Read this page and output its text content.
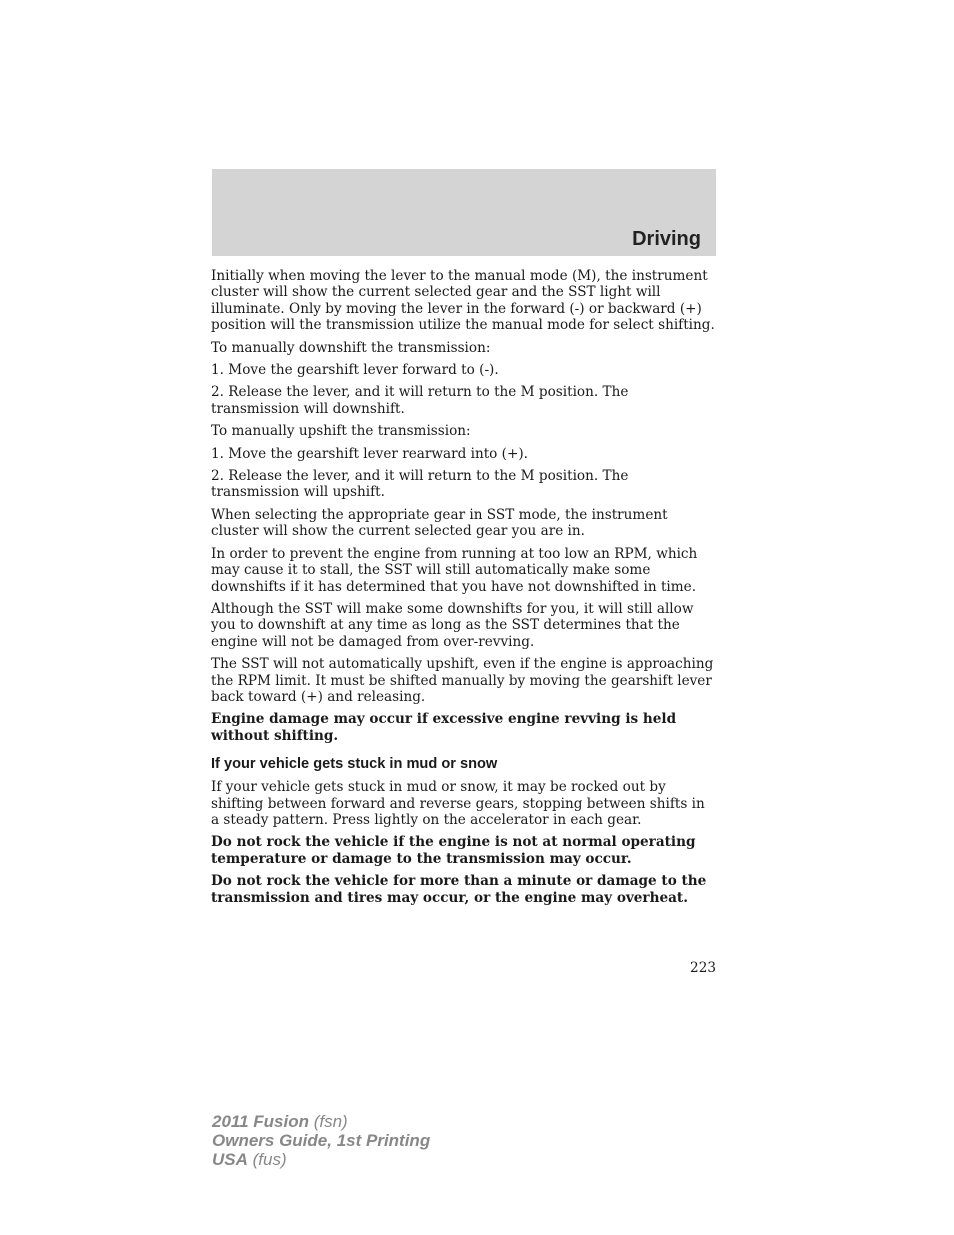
Driving

Initially when moving the lever to the manual mode (M), the instrument cluster will show the current selected gear and the SST light will illuminate. Only by moving the lever in the forward (-) or backward (+) position will the transmission utilize the manual mode for select shifting.

To manually downshift the transmission:

1. Move the gearshift lever forward to (-).

2. Release the lever, and it will return to the M position. The transmission will downshift.

To manually upshift the transmission:

1. Move the gearshift lever rearward into (+).

2. Release the lever, and it will return to the M position. The transmission will upshift.

When selecting the appropriate gear in SST mode, the instrument cluster will show the current selected gear you are in.

In order to prevent the engine from running at too low an RPM, which may cause it to stall, the SST will still automatically make some downshifts if it has determined that you have not downshifted in time.

Although the SST will make some downshifts for you, it will still allow you to downshift at any time as long as the SST determines that the engine will not be damaged from over-revving.

The SST will not automatically upshift, even if the engine is approaching the RPM limit. It must be shifted manually by moving the gearshift lever back toward (+) and releasing.

Engine damage may occur if excessive engine revving is held without shifting.

If your vehicle gets stuck in mud or snow

If your vehicle gets stuck in mud or snow, it may be rocked out by shifting between forward and reverse gears, stopping between shifts in a steady pattern. Press lightly on the accelerator in each gear.

Do not rock the vehicle if the engine is not at normal operating temperature or damage to the transmission may occur.

Do not rock the vehicle for more than a minute or damage to the transmission and tires may occur, or the engine may overheat.

223
2011 Fusion (fsn)
Owners Guide, 1st Printing
USA (fus)
